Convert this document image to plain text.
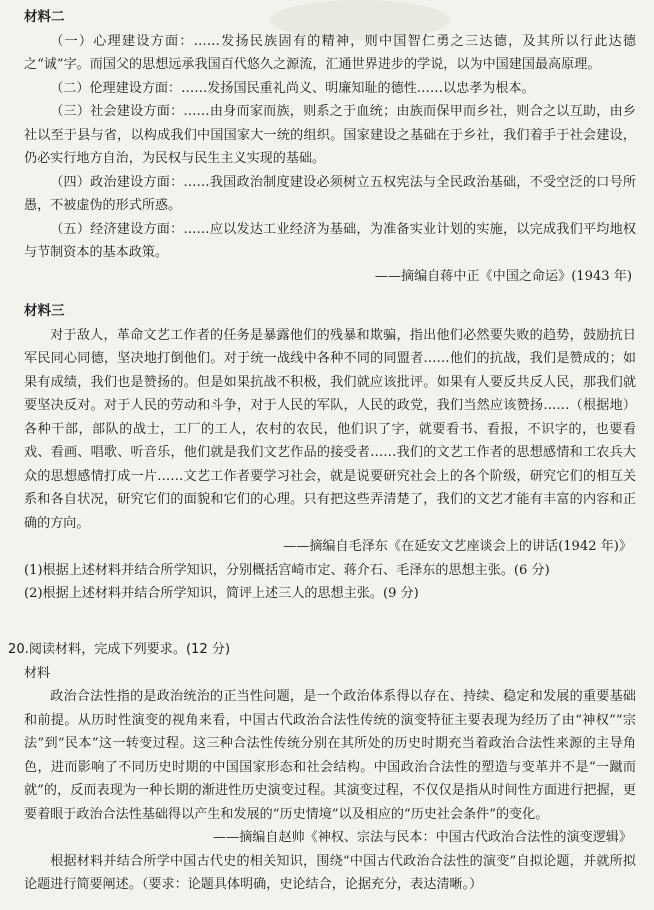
材料二

（一）心理建设方面：……发扬民族固有的精神，则中国智仁勇之三达德，及其所以行此达德之“诚”字。而国父的思想远承我国百代悠久之源流，汇通世界进步的学说，以为中国建国最高原理。

（二）伦理建设方面：……发扬国民重礼尚义、明廉知耻的德性……以忠孝为根本。

（三）社会建设方面：……由身而家而族，则系之于血统；由族而保甲而乡社，则合之以互助，由乡社以至于县与省，以构成我们中国国家大一统的组织。国家建设之基础在于乡社，我们着手于社会建设，仍必实行地方自治，为民权与民生主义实现的基础。

（四）政治建设方面：……我国政治制度建设必须树立五权宪法与全民政治基础，不受空泛的口号所愚，不被虚伪的形式所惑。

（五）经济建设方面：……应以发达工业经济为基础，为准备实业计划的实施，以完成我们平均地权与节制资本的基本政策。

——摘编自蒋中正《中国之命运》(1943 年)

材料三

对于敌人，革命文艺工作者的任务是暴露他们的残暴和欺骗，指出他们必然要失败的趋势，鼓励抗日军民同心同德，坚决地打倒他们。对于统一战线中各种不同的同盟者……他们的抗战，我们是赞成的；如果有成绩，我们也是赞扬的。但是如果抗战不积极，我们就应该批评。如果有人要反共反人民，那我们就要坚决反对。对于人民的劳动和斗争，对于人民的军队，人民的政党，我们当然应该赞扬……（根据地）各种干部，部队的战士，工厂的工人，农村的农民，他们识了字，就要看书、看报，不识字的，也要看戏、看画、唱歌、听音乐，他们就是我们文艺作品的接受者……我们的文艺工作者的思想感情和工农兵大众的思想感情打成一片……文艺工作者要学习社会，就是说要研究社会上的各个阶级，研究它们的相互关系和各自状况，研究它们的面貌和它们的心理。只有把这些弄清楚了，我们的文艺才能有丰富的内容和正确的方向。

——摘编自毛泽东《在延安文艺座谈会上的讲话(1942 年)》

(1)根据上述材料并结合所学知识，分别概括宫崎市定、蒋介石、毛泽东的思想主张。(6 分)

(2)根据上述材料并结合所学知识，简评上述三人的思想主张。(9 分)

20.阅读材料，完成下列要求。(12 分)

材料

政治合法性指的是政治统治的正当性问题，是一个政治体系得以存在、持续、稳定和发展的重要基础和前提。从历时性演变的视角来看，中国古代政治合法性传统的演变特征主要表现为经历了由“神权”“宗法”到“民本”这一转变过程。这三种合法性传统分别在其所处的历史时期充当着政治合法性来源的主导角色，进而影响了不同历史时期的中国国家形态和社会结构。中国政治合法性的塑造与变革并不是“一蹴而就”的，反而表现为一种长期的渐进性历史演变过程。其演变过程，不仅仅是指从时间性方面进行把握，更要着眼于政治合法性基础得以产生和发展的“历史情境”以及相应的“历史社会条件”的变化。

——摘编自赵帅《神权、宗法与民本：中国古代政治合法性的演变逻辑》

根据材料并结合所学中国古代史的相关知识，围绕“中国古代政治合法性的演变”自拟论题，并就所拟论题进行简要阐述。（要求：论题具体明确，史论结合，论据充分，表达清晰。）
